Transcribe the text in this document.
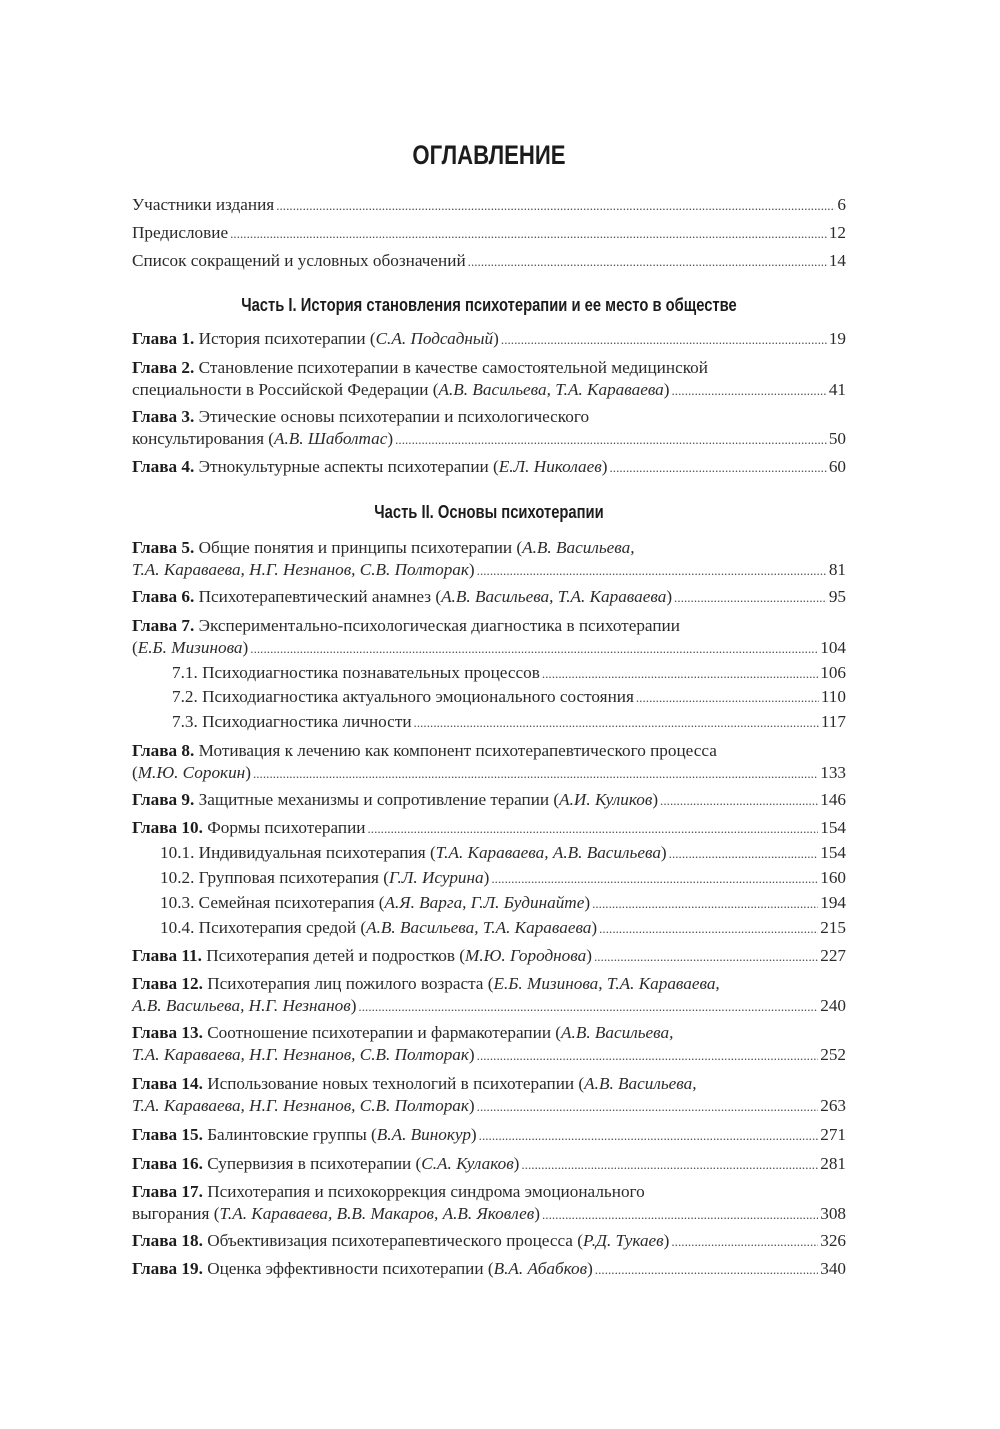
ОГЛАВЛЕНИЕ
Участники издания . . .	6
Предисловие . . .	12
Список сокращений и условных обозначений . . .	14
Часть I. История становления психотерапии и ее место в обществе
Глава 1. История психотерапии (С.А. Подсадный) . . .	19
Глава 2. Становление психотерапии в качестве самостоятельной медицинской
специальности в Российской Федерации (А.В. Васильева, Т.А. Караваева) . . .	41
Глава 3. Этические основы психотерапии и психологического
консультирования (А.В. Шаболтас) . . .	50
Глава 4. Этнокультурные аспекты психотерапии (Е.Л. Николаев) . . .	60
Часть II. Основы психотерапии
Глава 5. Общие понятия и принципы психотерапии (А.В. Васильева,
Т.А. Караваева, Н.Г. Незнанов, С.В. Полторак) . . .	81
Глава 6. Психотерапевтический анамнез (А.В. Васильева, Т.А. Караваева) . . .	95
Глава 7. Экспериментально-психологическая диагностика в психотерапии
(Е.Б. Мизинова) . . .	104
7.1. Психодиагностика познавательных процессов . . .	106
7.2. Психодиагностика актуального эмоционального состояния . . .	110
7.3. Психодиагностика личности . . .	117
Глава 8. Мотивация к лечению как компонент психотерапевтического процесса
(М.Ю. Сорокин) . . .	133
Глава 9. Защитные механизмы и сопротивление терапии (А.И. Куликов) . . .	146
Глава 10. Формы психотерапии . . .	154
10.1. Индивидуальная психотерапия (Т.А. Караваева, А.В. Васильева) . . .	154
10.2. Групповая психотерапия (Г.Л. Исурина) . . .	160
10.3. Семейная психотерапия (А.Я. Варга, Г.Л. Будинайте) . . .	194
10.4. Психотерапия средой (А.В. Васильева, Т.А. Караваева) . . .	215
Глава 11. Психотерапия детей и подростков (М.Ю. Городнова) . . .	227
Глава 12. Психотерапия лиц пожилого возраста (Е.Б. Мизинова, Т.А. Караваева,
А.В. Васильева, Н.Г. Незнанов) . . .	240
Глава 13. Соотношение психотерапии и фармакотерапии (А.В. Васильева,
Т.А. Караваева, Н.Г. Незнанов, С.В. Полторак) . . .	252
Глава 14. Использование новых технологий в психотерапии (А.В. Васильева,
Т.А. Караваева, Н.Г. Незнанов, С.В. Полторак) . . .	263
Глава 15. Балинтовские группы (В.А. Винокур) . . .	271
Глава 16. Супервизия в психотерапии (С.А. Кулаков) . . .	281
Глава 17. Психотерапия и психокоррекция синдрома эмоционального
выгорания (Т.А. Караваева, В.В. Макаров, А.В. Яковлев) . . .	308
Глава 18. Объективизация психотерапевтического процесса (Р.Д. Тукаев) . . .	326
Глава 19. Оценка эффективности психотерапии (В.А. Абабков) . . .	340
